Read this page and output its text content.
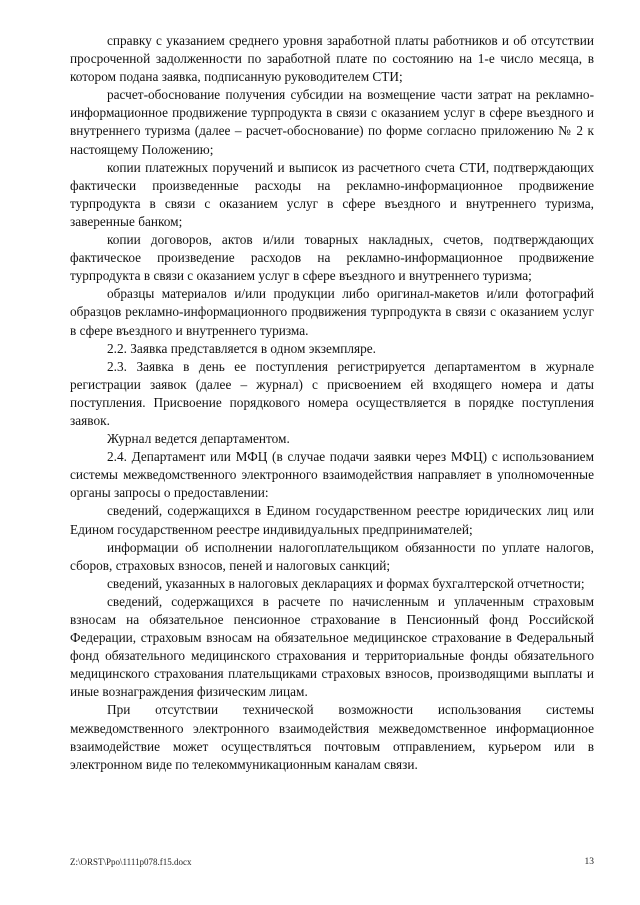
справку с указанием среднего уровня заработной платы работников и об отсутствии просроченной задолженности по заработной плате по состоянию на 1-е число месяца, в котором подана заявка, подписанную руководителем СТИ;

расчет-обоснование получения субсидии на возмещение части затрат на рекламно-информационное продвижение турпродукта в связи с оказанием услуг в сфере въездного и внутреннего туризма (далее – расчет-обоснование) по форме согласно приложению № 2 к настоящему Положению;

копии платежных поручений и выписок из расчетного счета СТИ, подтверждающих фактически произведенные расходы на рекламно-информационное продвижение турпродукта в связи с оказанием услуг в сфере въездного и внутреннего туризма, заверенные банком;

копии договоров, актов и/или товарных накладных, счетов, подтверждающих фактическое произведение расходов на рекламно-информационное продвижение турпродукта в связи с оказанием услуг в сфере въездного и внутреннего туризма;

образцы материалов и/или продукции либо оригинал-макетов и/или фотографий образцов рекламно-информационного продвижения турпродукта в связи с оказанием услуг в сфере въездного и внутреннего туризма.

2.2. Заявка представляется в одном экземпляре.

2.3. Заявка в день ее поступления регистрируется департаментом в журнале регистрации заявок (далее – журнал) с присвоением ей входящего номера и даты поступления. Присвоение порядкового номера осуществляется в порядке поступления заявок.

Журнал ведется департаментом.

2.4. Департамент или МФЦ (в случае подачи заявки через МФЦ) с использованием системы межведомственного электронного взаимодействия направляет в уполномоченные органы запросы о предоставлении:

сведений, содержащихся в Едином государственном реестре юридических лиц или Едином государственном реестре индивидуальных предпринимателей;

информации об исполнении налогоплательщиком обязанности по уплате налогов, сборов, страховых взносов, пеней и налоговых санкций;

сведений, указанных в налоговых декларациях и формах бухгалтерской отчетности;

сведений, содержащихся в расчете по начисленным и уплаченным страховым взносам на обязательное пенсионное страхование в Пенсионный фонд Российской Федерации, страховым взносам на обязательное медицинское страхование в Федеральный фонд обязательного медицинского страхования и территориальные фонды обязательного медицинского страхования плательщиками страховых взносов, производящими выплаты и иные вознаграждения физическим лицам.

При отсутствии технической возможности использования системы межведомственного электронного взаимодействия межведомственное информационное взаимодействие может осуществляться почтовым отправлением, курьером или в электронном виде по телекоммуникационным каналам связи.

Z:\ORST\Ppo\1111p078.f15.docx	13
